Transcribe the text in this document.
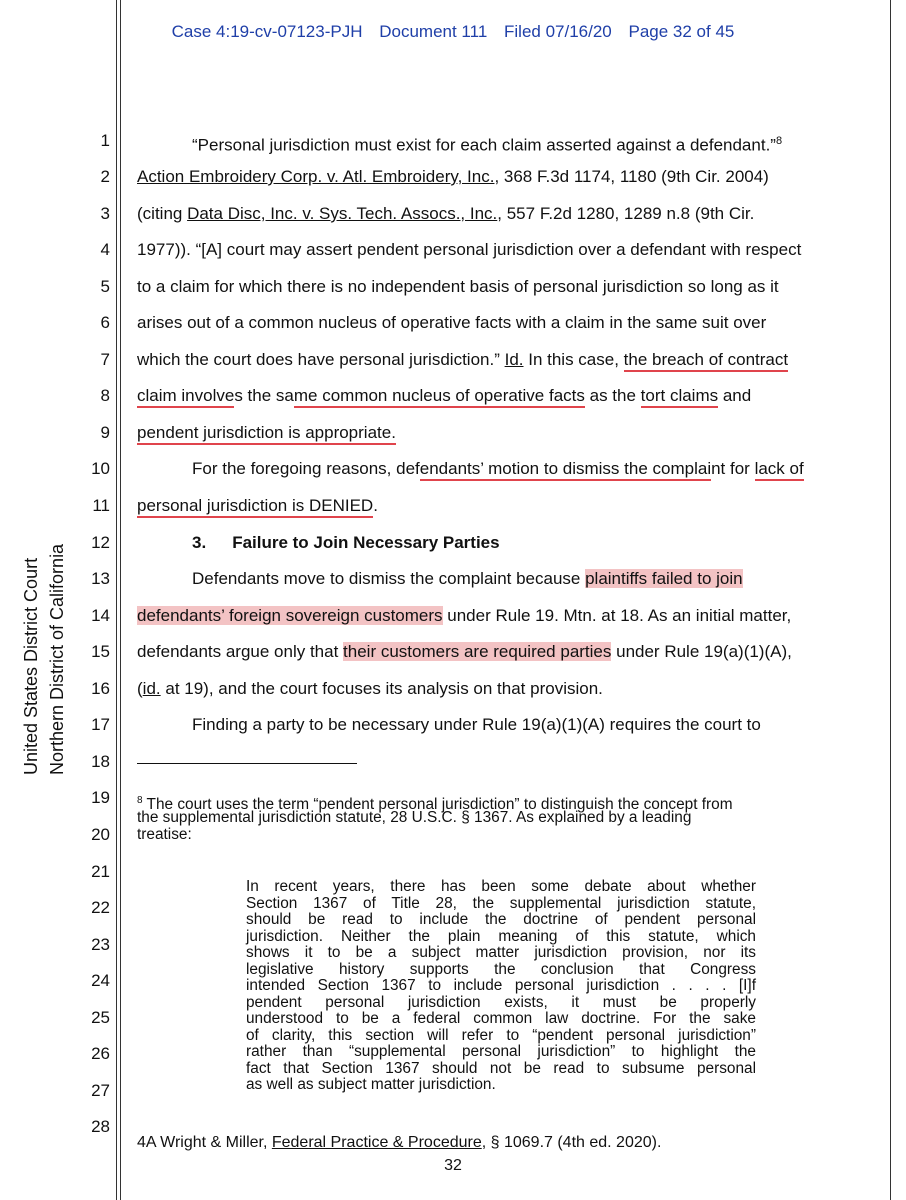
Case 4:19-cv-07123-PJH Document 111 Filed 07/16/20 Page 32 of 45
United States District Court Northern District of California
1
2
3
4
5
6
7
8
9
10
11
12
13
14
15
16
17
18
19
20
21
22
23
24
25
26
27
28
“Personal jurisdiction must exist for each claim asserted against a defendant.”$^8$
Action Embroidery Corp. v. Atl. Embroidery, Inc., 368 F.3d 1174, 1180 (9th Cir. 2004)
(citing Data Disc, Inc. v. Sys. Tech. Assocs., Inc., 557 F.2d 1280, 1289 n.8 (9th Cir.
1977)). “[A] court may assert pendent personal jurisdiction over a defendant with respect
to a claim for which there is no independent basis of personal jurisdiction so long as it
arises out of a common nucleus of operative facts with a claim in the same suit over
which the court does have personal jurisdiction.” Id. In this case, the breach of contract
claim involves the same common nucleus of operative facts as the tort claims and
pendent jurisdiction is appropriate.
For the foregoing reasons, defendants’ motion to dismiss the complaint for lack of
personal jurisdiction is DENIED.
3. Failure to Join Necessary Parties
Defendants move to dismiss the complaint because plaintiffs failed to join
defendants’ foreign sovereign customers under Rule 19. Mtn. at 18. As an initial matter,
defendants argue only that their customers are required parties under Rule 19(a)(1)(A),
(id. at 19), and the court focuses its analysis on that provision.
Finding a party to be necessary under Rule 19(a)(1)(A) requires the court to
$^8$ The court uses the term “pendent personal jurisdiction” to distinguish the concept from
the supplemental jurisdiction statute, 28 U.S.C. § 1367. As explained by a leading
treatise:
In recent years, there has been some debate about whether
Section 1367 of Title 28, the supplemental jurisdiction statute,
should be read to include the doctrine of pendent personal
jurisdiction. Neither the plain meaning of this statute, which
shows it to be a subject matter jurisdiction provision, nor its
legislative history supports the conclusion that Congress
intended Section 1367 to include personal jurisdiction . . . . [I]f
pendent personal jurisdiction exists, it must be properly
understood to be a federal common law doctrine. For the sake
of clarity, this section will refer to “pendent personal jurisdiction”
rather than “supplemental personal jurisdiction” to highlight the
fact that Section 1367 should not be read to subsume personal
as well as subject matter jurisdiction.
4A Wright & Miller, Federal Practice & Procedure, § 1069.7 (4th ed. 2020).
32
